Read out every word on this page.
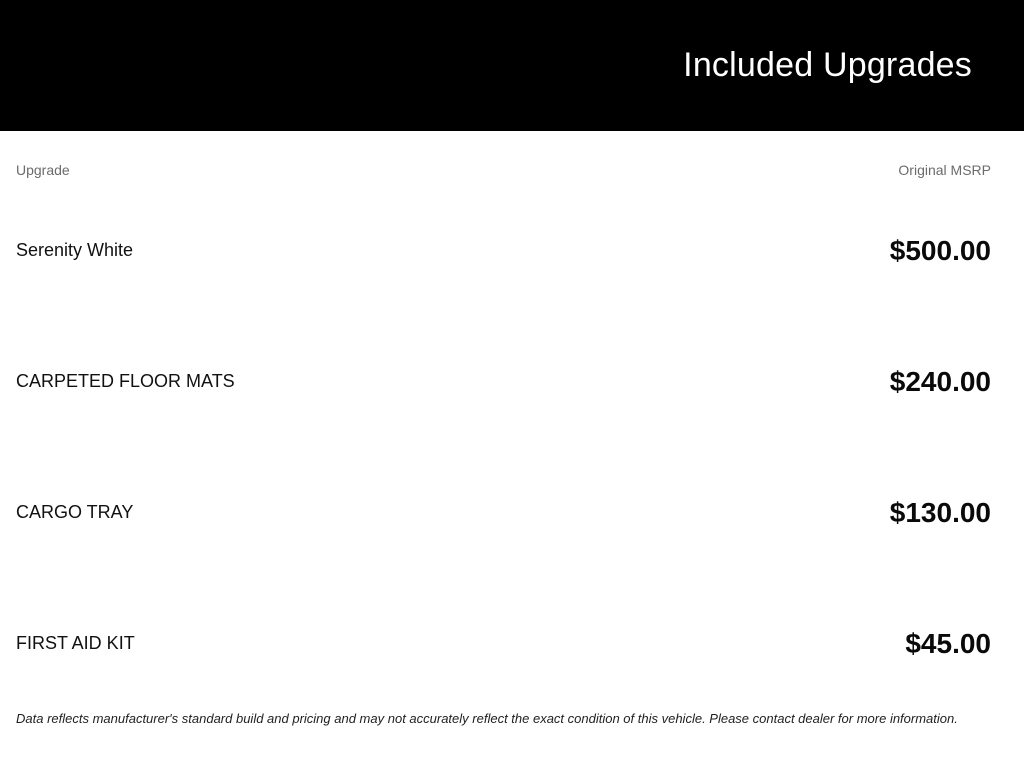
Included Upgrades
Upgrade	Original MSRP
Serenity White	$500.00
CARPETED FLOOR MATS	$240.00
CARGO TRAY	$130.00
FIRST AID KIT	$45.00
Data reflects manufacturer's standard build and pricing and may not accurately reflect the exact condition of this vehicle. Please contact dealer for more information.
